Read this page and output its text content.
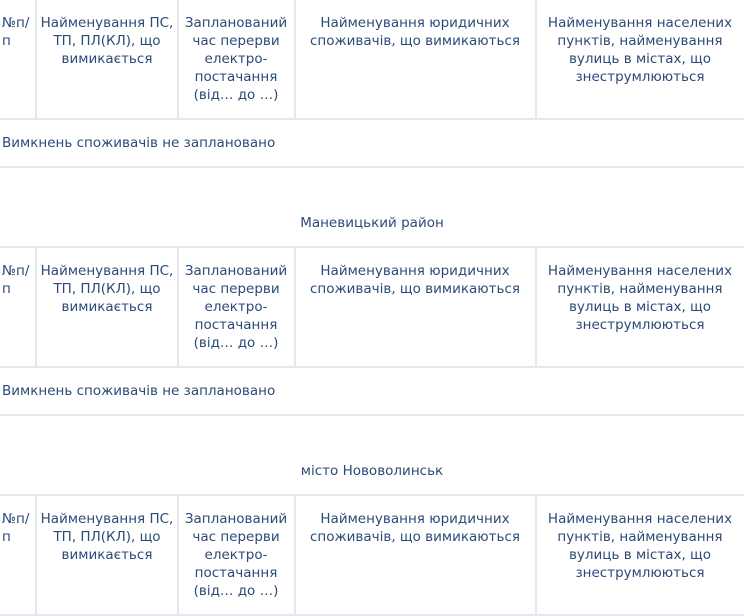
№п/п
Найменування ПС, ТП, ПЛ(КЛ), що вимикається
Запланований час перерви електро-постачання (від… до …)
Найменування юридичних споживачів, що вимикаються
Найменування населених пунктів, найменування вулиць в містах, що знеструмлюються
Вимкнень споживачів не заплановано
Маневицький район
№п/п
Найменування ПС, ТП, ПЛ(КЛ), що вимикається
Запланований час перерви електро-постачання (від… до …)
Найменування юридичних споживачів, що вимикаються
Найменування населених пунктів, найменування вулиць в містах, що знеструмлюються
Вимкнень споживачів не заплановано
місто Нововолинськ
№п/п
Найменування ПС, ТП, ПЛ(КЛ), що вимикається
Запланований час перерви електро-постачання (від… до …)
Найменування юридичних споживачів, що вимикаються
Найменування населених пунктів, найменування вулиць в містах, що знеструмлюються
